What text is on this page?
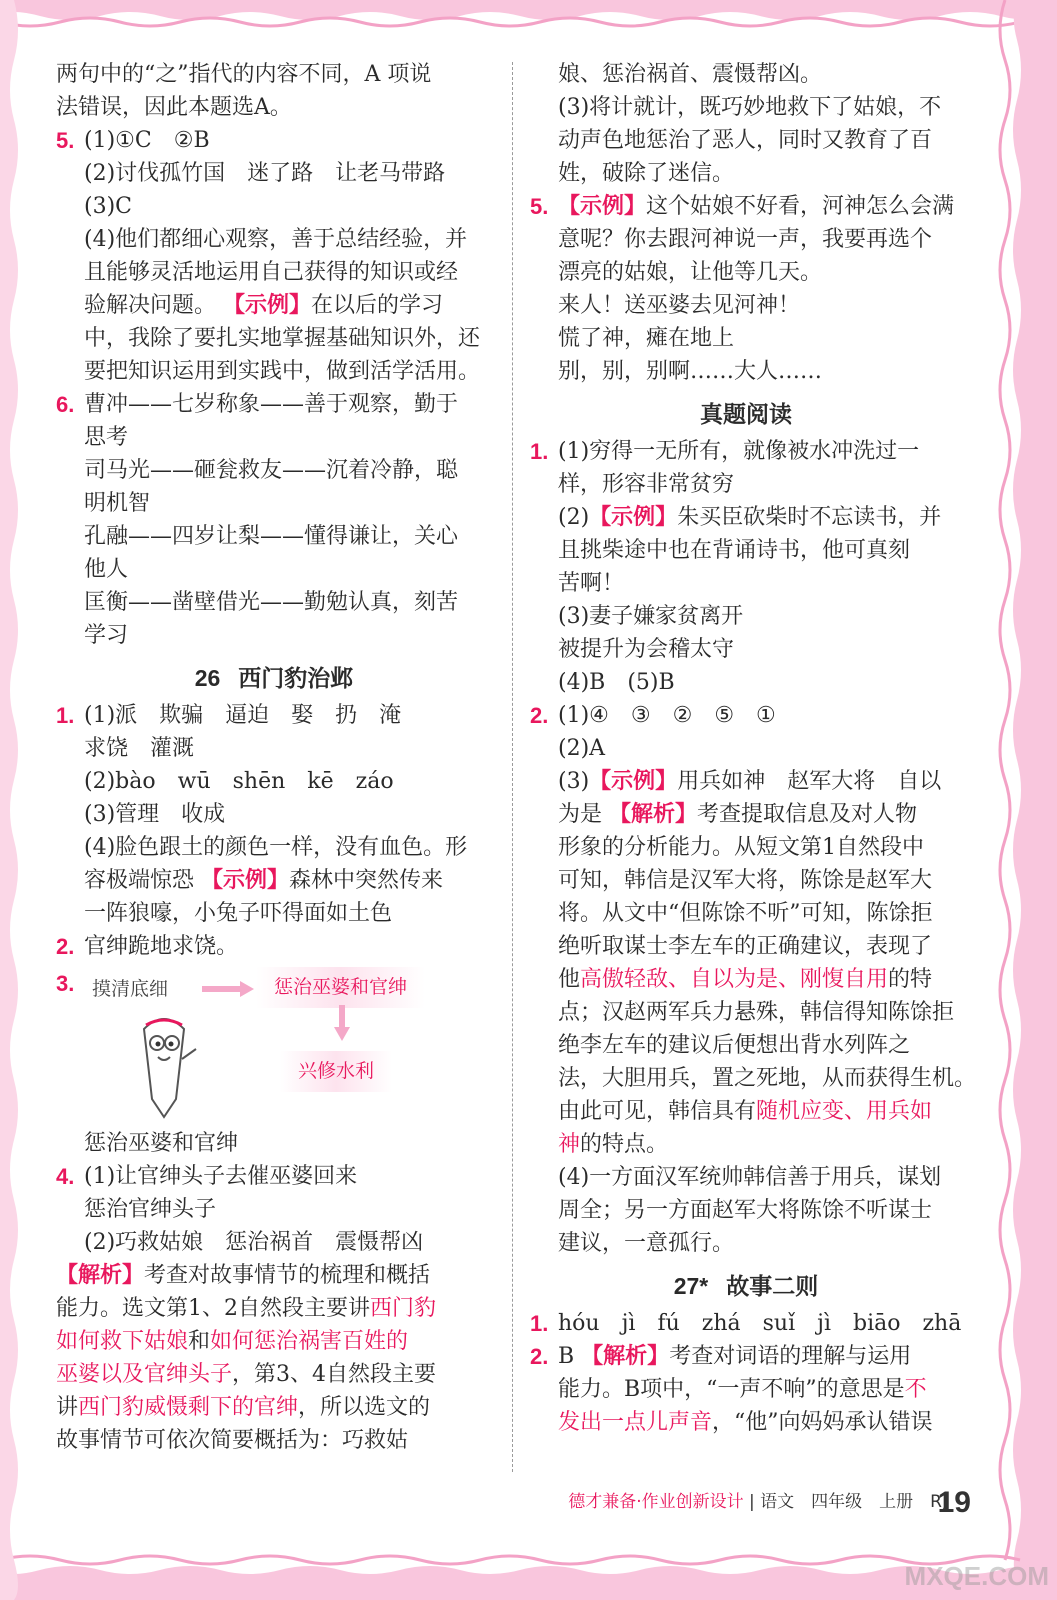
两句中的“之”指代的内容不同，A 项说
法错误，因此本题选A。
5. (1)①C　②B
(2)讨伐孤竹国　迷了路　让老马带路
(3)C
(4)他们都细心观察，善于总结经验，并
且能够灵活地运用自己获得的知识或经
验解决问题。 【示例】在以后的学习
中，我除了要扎实地掌握基础知识外，还
要把知识运用到实践中，做到活学活用。
6. 曹冲——七岁称象——善于观察，勤于
思考
司马光——砸瓮救友——沉着冷静，聪
明机智
孔融——四岁让梨——懂得谦让，关心
他人
匡衡——凿壁借光——勤勉认真，刻苦
学习
26 西门豹治邺
1. (1)派　欺骗　逼迫　娶　扔　淹
求饶　灌溉
(2)bào　wū　shēn　kē　záo
(3)管理　收成
(4)脸色跟土的颜色一样，没有血色。形
容极端惊恐 【示例】森林中突然传来
一阵狼嚎，小兔子吓得面如土色
2. 官绅跪地求饶。
3. 摸清底细	惩治巫婆和官绅
兴修水利
惩治巫婆和官绅
4. (1)让官绅头子去催巫婆回来
惩治官绅头子
(2)巧救姑娘　惩治祸首　震慑帮凶
【解析】考查对故事情节的梳理和概括
能力。选文第1、2自然段主要讲西门豹
如何救下姑娘和如何惩治祸害百姓的
巫婆以及官绅头子，第3、4自然段主要
讲西门豹威慑剩下的官绅，所以选文的
故事情节可依次简要概括为：巧救姑
娘、惩治祸首、震慑帮凶。
(3)将计就计，既巧妙地救下了姑娘，不
动声色地惩治了恶人，同时又教育了百
姓，破除了迷信。
5. 【示例】这个姑娘不好看，河神怎么会满
意呢？你去跟河神说一声，我要再选个
漂亮的姑娘，让他等几天。
来人！送巫婆去见河神！
慌了神，瘫在地上
别，别，别啊……大人……
真题阅读
1. (1)穷得一无所有，就像被水冲洗过一
样，形容非常贫穷
(2)【示例】朱买臣砍柴时不忘读书，并
且挑柴途中也在背诵诗书，他可真刻
苦啊！
(3)妻子嫌家贫离开
被提升为会稽太守
(4)B　(5)B
2. (1)④　③　②　⑤　①
(2)A
(3)【示例】用兵如神　赵军大将　自以
为是 【解析】考查提取信息及对人物
形象的分析能力。从短文第1自然段中
可知，韩信是汉军大将，陈馀是赵军大
将。从文中“但陈馀不听”可知，陈馀拒
绝听取谋士李左车的正确建议，表现了
他高傲轻敌、自以为是、刚愎自用的特
点；汉赵两军兵力悬殊，韩信得知陈馀拒
绝李左车的建议后便想出背水列阵之
法，大胆用兵，置之死地，从而获得生机。
由此可见，韩信具有随机应变、用兵如
神的特点。
(4)一方面汉军统帅韩信善于用兵，谋划
周全；另一方面赵军大将陈馀不听谋士
建议，一意孤行。
27* 故事二则
1. hóu　jì　fú　zhá　suǐ　jì　biāo　zhā
2. B 【解析】考查对词语的理解与运用
能力。B项中，“一声不响”的意思是不
发出一点儿声音，“他”向妈妈承认错误
德才兼备·作业创新设计 | 语文　四年级　上册　RJ
19
MXQE.COM
